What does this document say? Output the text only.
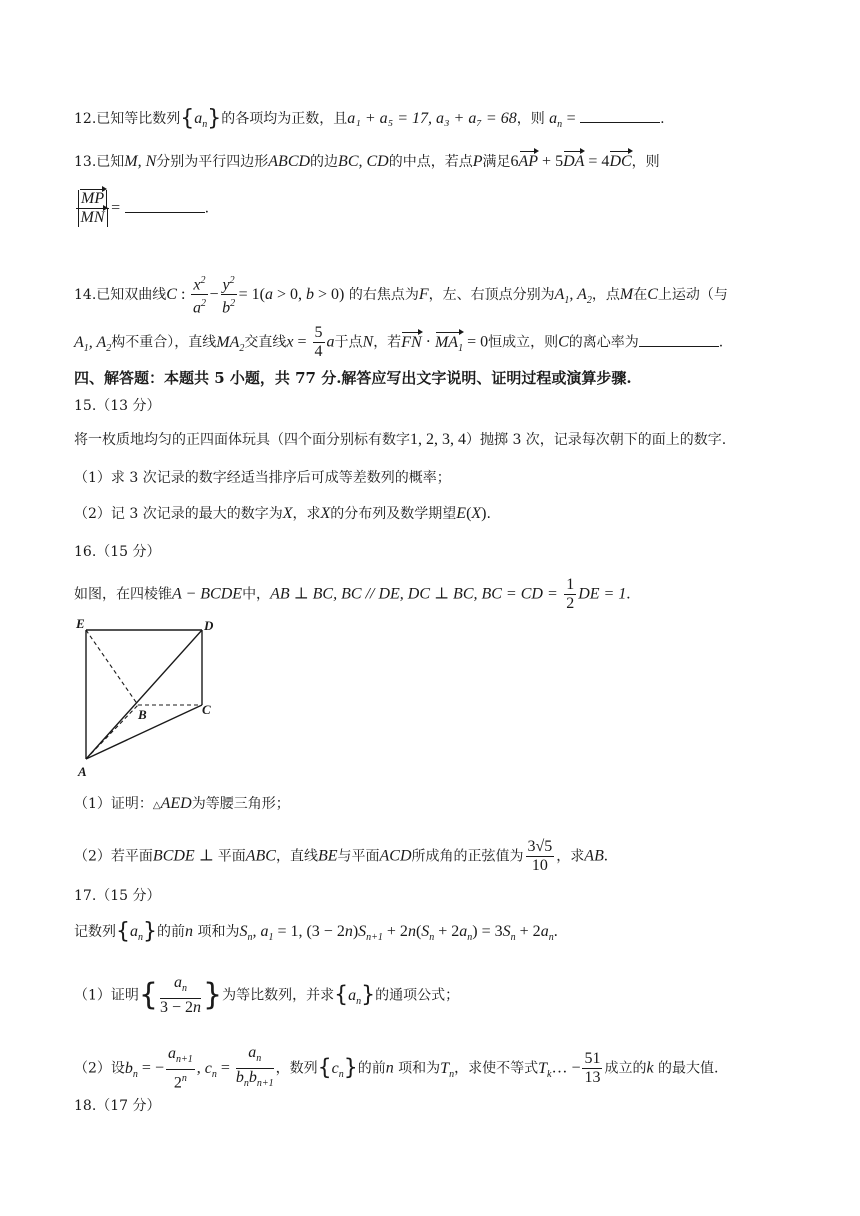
12.已知等比数列$\{a_n\}$的各项均为正数，且a₁ + a₅ = 17, a₃ + a₇ = 68，则 $a_n$ =	.
13.已知M, N分别为平行四边形ABCD的边BC, CD的中点，若点P满足6AP + 5DA = 4DC，则
$\frac{MP}{MN}$ =	.
14.已知双曲线C : $\frac{x^2}{a^2} - \frac{y^2}{b^2} = 1(a > 0$, b > 0) 的右焦点为F，左、右顶点分别为$A_1$, $A_2$，点M在C上运动（与
$A_1$, $A_2$构不重合），直线$MA_2$交直线$x = \frac{5}{4}$ a于点N，若FN · $MA_1 = 0$恒成立，则C的离心率为	.
四、解答题：本题共 5 小题，共 77 分.解答应写出文字说明、证明过程或演算步骤.
15.（13 分）
将一枚质地均匀的正四面体玩具（四个面分别标有数字1, 2, 3, 4）抛掷 3 次，记录每次朝下的面上的数字.
（1）求 3 次记录的数字经适当排序后可成等差数列的概率；
（2）记 3 次记录的最大的数字为X，求X的分布列及数学期望E(X).
16.（15 分）
如图，在四棱锥A − BCDE中，AB ⊥ BC, BC // DE, DC ⊥ BC, BC = CD = $\frac{1}{2}$ DE = 1.
E	D
B	C
A
（1）证明：△AED为等腰三角形；
（2）若平面BCDE ⊥ 平面ABC，直线BE与平面ACD所成角的正弦值为 $\frac{3√5}{10}$ ，求AB.
17.（15 分）
记数列$\{a_n\}$的前n 项和为$S_n$, $a_1 = 1$, $(3 - 2n)S_{n+1} + 2n(S_n + 2a_n) = 3S_n + 2a_n$.
（1）证明{ $\frac{a_n}{3 - 2n}$ }为等比数列，并求$\{a_n\}$的通项公式；
（2）设$b_n$ = − $\frac{a_{n+1}}{2^n}$ , $c_n = \frac{a_n}{b_nb_{n+1}}$ ，数列$\{c_n\}$的前n 项和为$T_n$，求使不等式$T_k\dots - \frac{51}{13}$ 成立的k 的最大值.
18.（17 分）
